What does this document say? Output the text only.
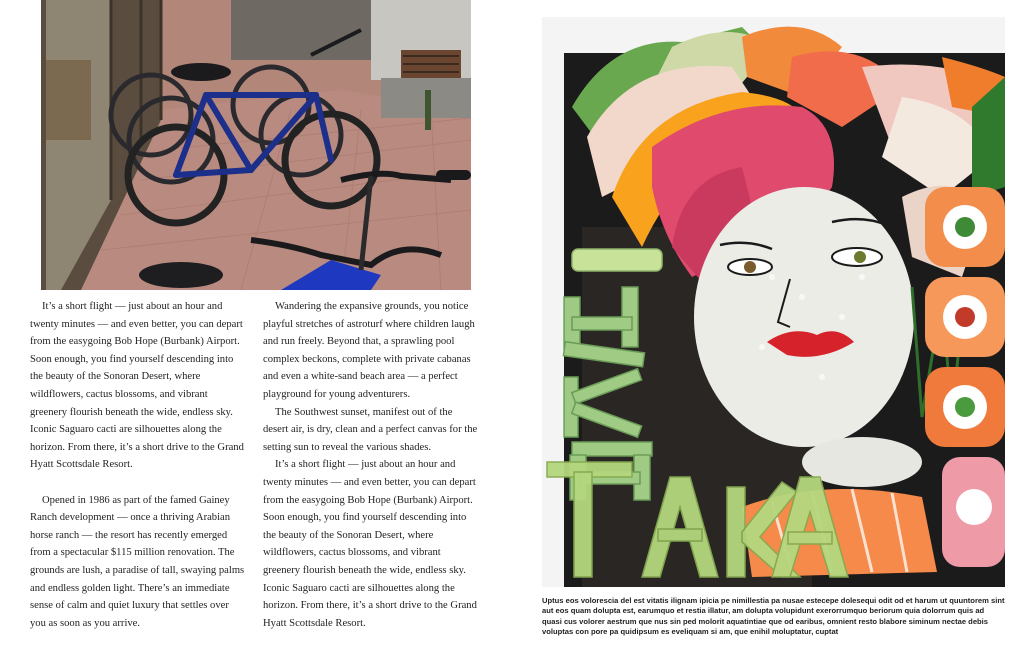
It’s a short flight — just about an hour and twenty minutes — and even better, you can depart from the easygoing Bob Hope (Burbank) Airport. Soon enough, you find yourself descending into the beauty of the Sonoran Desert, where wildflowers, cactus blossoms, and vibrant greenery flourish beneath the wide, endless sky. Iconic Saguaro cacti are silhouettes along the horizon. From there, it’s a short drive to the Grand Hyatt Scottsdale Resort.

Opened in 1986 as part of the famed Gainey Ranch development — once a thriving Arabian horse ranch — the resort has recently emerged from a spectacular $115 million renovation. The grounds are lush, a paradise of tall, swaying palms and endless golden light. There’s an immediate sense of calm and quiet luxury that settles over you as soon as you arrive.

Wandering the expansive grounds, you notice playful stretches of astroturf where children laugh and run freely. Beyond that, a sprawling pool complex beckons, complete with private cabanas and even a white-sand beach area — a perfect playground for young adventurers.

The Southwest sunset, manifest out of the desert air, is dry, clean and a perfect canvas for the setting sun to reveal the various shades.

It’s a short flight — just about an hour and twenty minutes — and even better, you can depart from the easygoing Bob Hope (Burbank) Airport. Soon enough, you find yourself descending into the beauty of the Sonoran Desert, where wildflowers, cactus blossoms, and vibrant greenery flourish beneath the wide, endless sky. Iconic Saguaro cacti are silhouettes along the horizon. From there, it’s a short drive to the Grand Hyatt Scottsdale Resort.

Uptus eos volorescia del est vitatis ilignam ipicia pe nimillestia pa nusae estecepe dolesequi odit od et harum ut quuntorem sint aut eos quam dolupta est, earumquo et restia illatur, am dolupta volupidunt exerorrumquo beriorum quia dolorrum quis ad quasi cus volorer aestrum que nus sin ped molorit aquatintiae que od earibus, omnient resto blabore siminum nectae debis voluptas con pore pa quidipsum es eveliquam si am, que enihil moluptatur, cuptat
